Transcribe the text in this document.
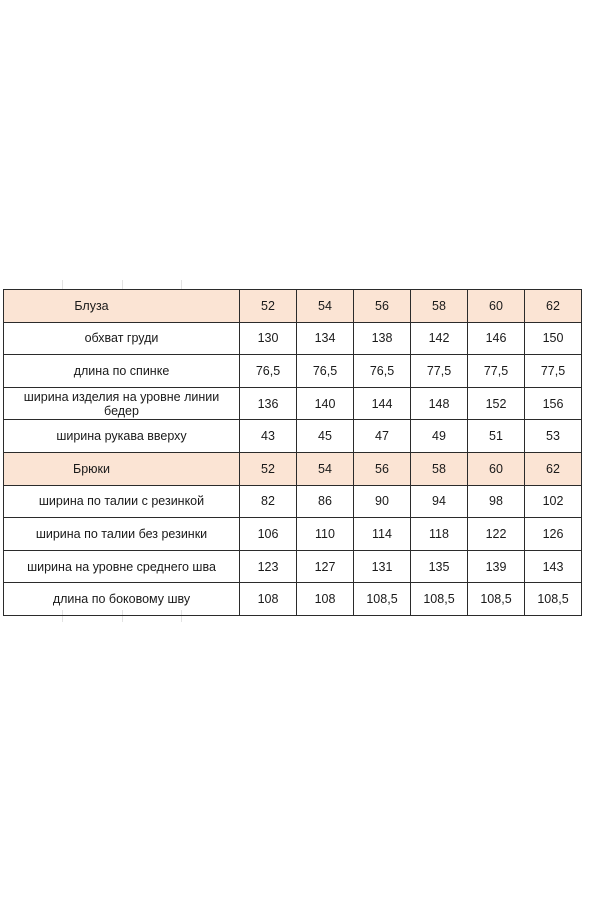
Блуза	52	54	56	58	60	62
обхват груди	130	134	138	142	146	150
длина по спинке	76,5	76,5	76,5	77,5	77,5	77,5
ширина изделия на уровне линии бедер	136	140	144	148	152	156
ширина рукава вверху	43	45	47	49	51	53
Брюки	52	54	56	58	60	62
ширина по талии с резинкой	82	86	90	94	98	102
ширина по талии без резинки	106	110	114	118	122	126
ширина на уровне среднего шва	123	127	131	135	139	143
длина по боковому шву	108	108	108,5	108,5	108,5	108,5
